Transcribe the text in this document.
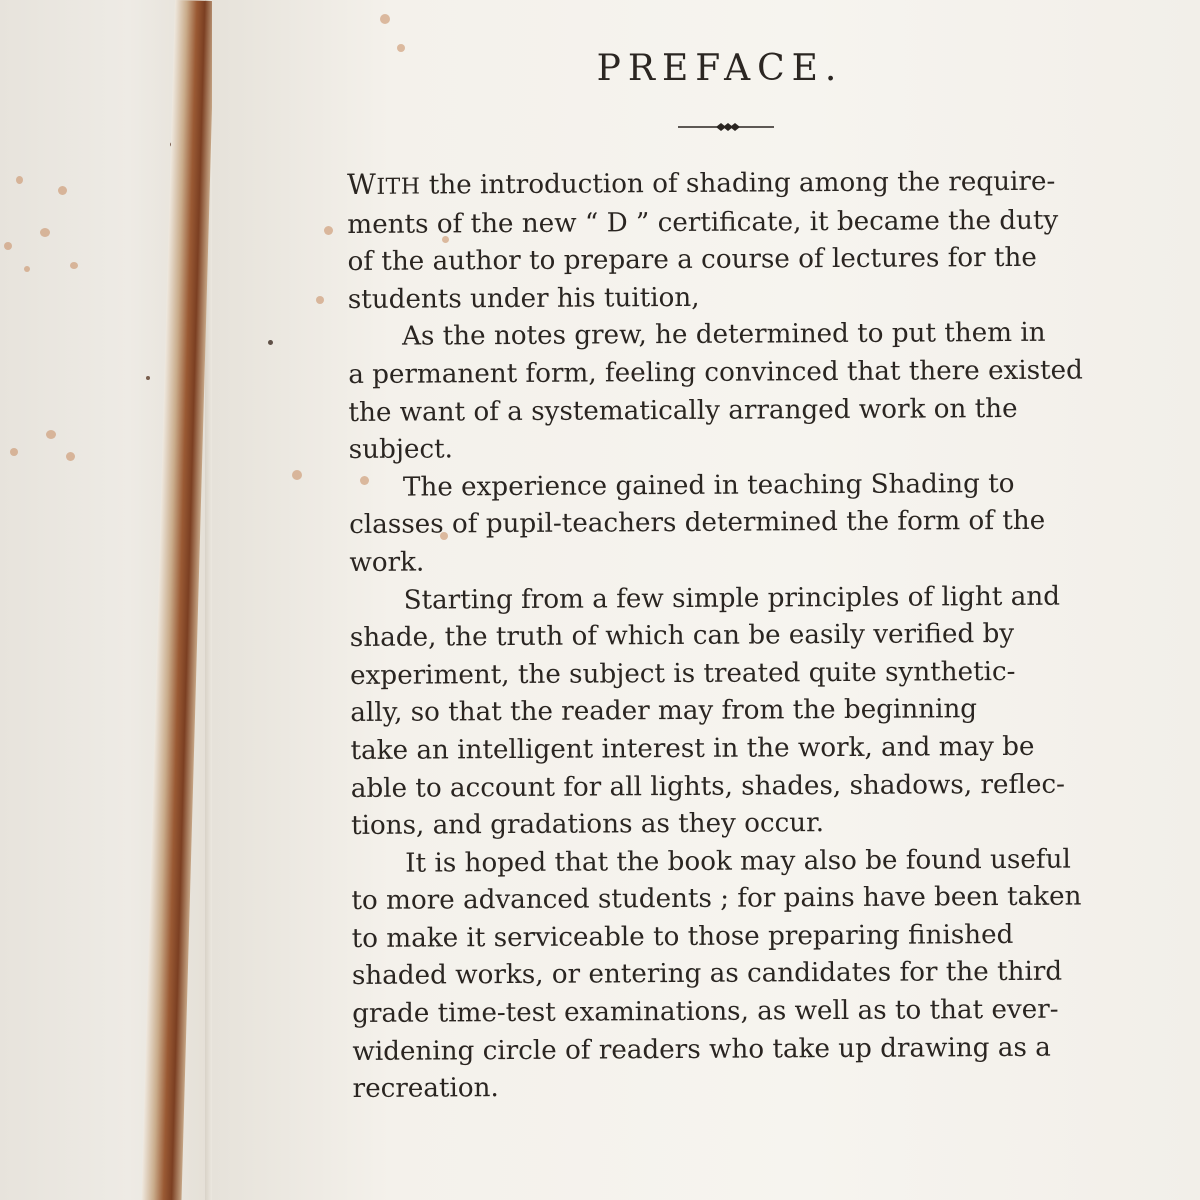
PREFACE.

WITH the introduction of shading among the require-
ments of the new “ D ” certificate, it became the duty
of the author to prepare a course of lectures for the
students under his tuition,

As the notes grew, he determined to put them in
a permanent form, feeling convinced that there existed
the want of a systematically arranged work on the
subject.

The experience gained in teaching Shading to
classes of pupil-teachers determined the form of the
work.

Starting from a few simple principles of light and
shade, the truth of which can be easily verified by
experiment, the subject is treated quite synthetic-
ally, so that the reader may from the beginning
take an intelligent interest in the work, and may be
able to account for all lights, shades, shadows, reflec-
tions, and gradations as they occur.

It is hoped that the book may also be found useful
to more advanced students ; for pains have been taken
to make it serviceable to those preparing finished
shaded works, or entering as candidates for the third
grade time-test examinations, as well as to that ever-
widening circle of readers who take up drawing as a
recreation.
